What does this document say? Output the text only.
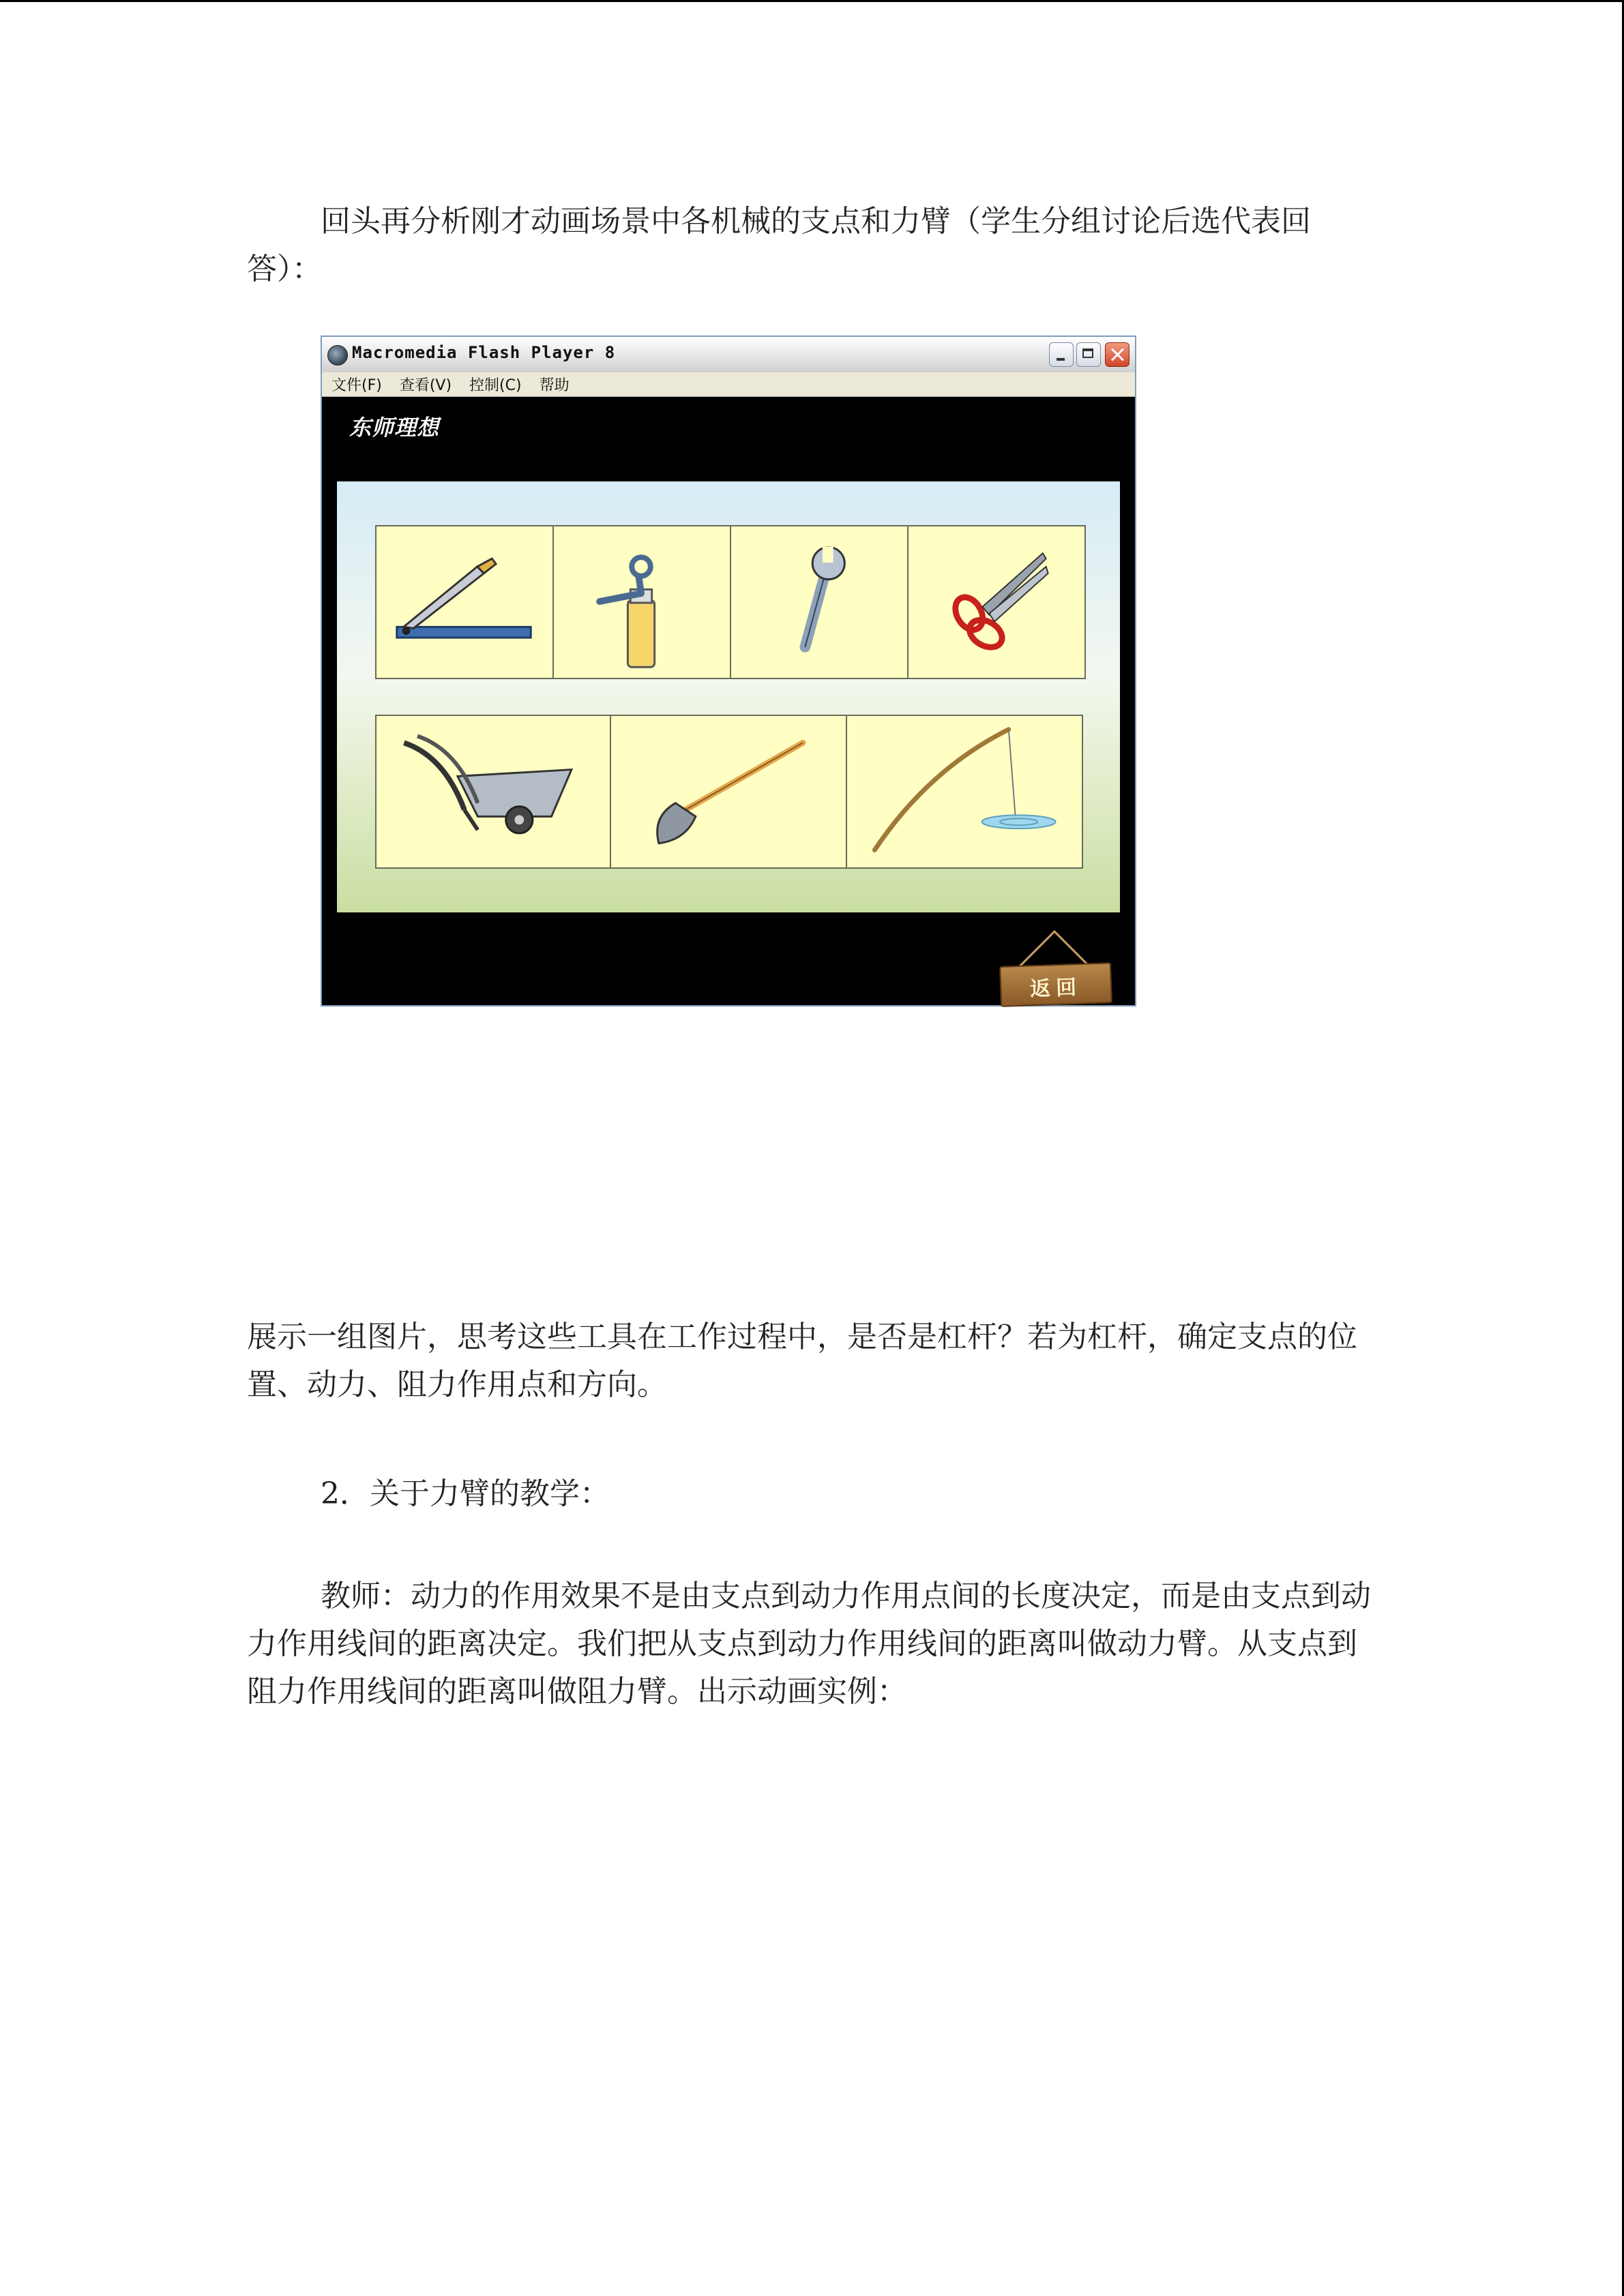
回头再分析刚才动画场景中各机械的支点和力臂（学生分组讨论后选代表回答）：

Macromedia Flash Player 8
文件(F) 查看(V) 控制(C) 帮助
东师理想
返回

展示一组图片，思考这些工具在工作过程中，是否是杠杆？若为杠杆，确定支点的位置、动力、阻力作用点和方向。

2．关于力臂的教学：

教师：动力的作用效果不是由支点到动力作用点间的长度决定，而是由支点到动力作用线间的距离决定。我们把从支点到动力作用线间的距离叫做动力臂。从支点到阻力作用线间的距离叫做阻力臂。出示动画实例：
